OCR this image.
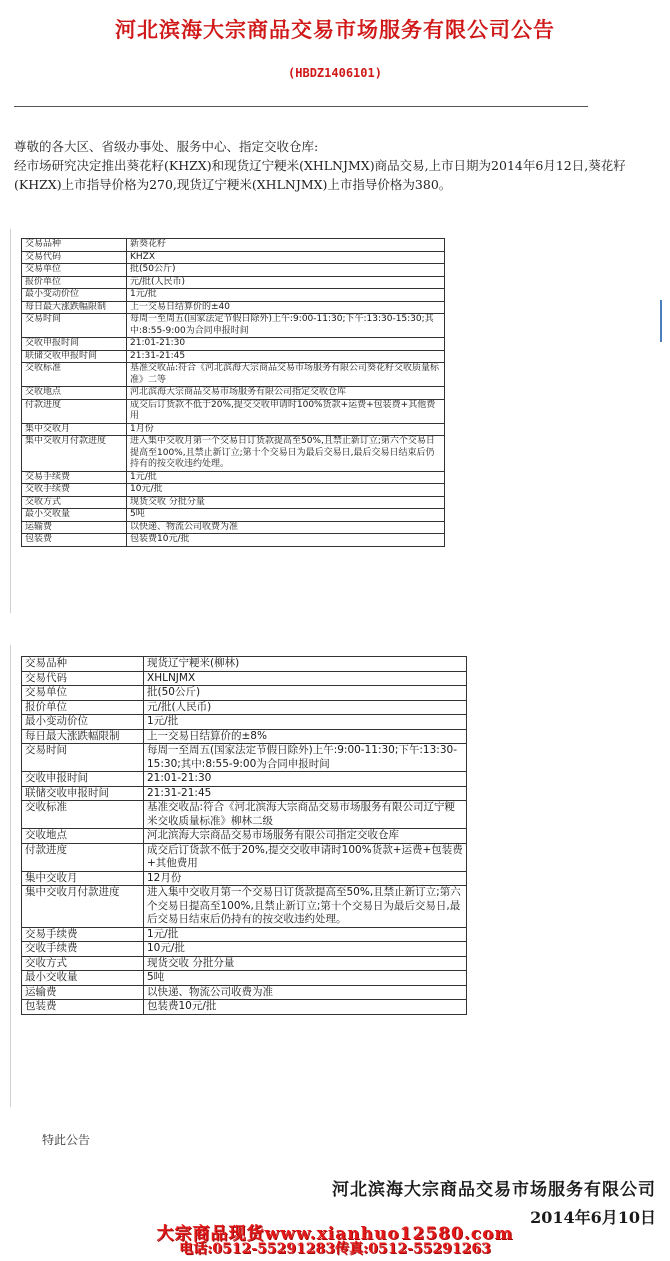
河北滨海大宗商品交易市场服务有限公司公告
(HBDZ1406101)

尊敬的各大区、省级办事处、服务中心、指定交收仓库:

经市场研究决定推出葵花籽(KHZX)和现货辽宁粳米(XHLNJMX)商品交易,上市日期为2014年6月12日,葵花籽(KHZX)上市指导价格为270,现货辽宁粳米(XHLNJMX)上市指导价格为380。

交易品种	新葵花籽
交易代码	KHZX
交易单位	批(50公斤)
报价单位	元/批(人民币)
最小变动价位	1元/批
每日最大涨跌幅限制	上一交易日结算价的±40
交易时间	每周一至周五(国家法定节假日除外)上午:9:00-11:30;下午:13:30-15:30;其中:8:55-9:00为合同申报时间
交收申报时间	21:01-21:30
联储交收申报时间	21:31-21:45
交收标准	基准交收品:符合《河北滨海大宗商品交易市场服务有限公司葵花籽交收质量标准》二等
交收地点	河北滨海大宗商品交易市场服务有限公司指定交收仓库
付款进度	成交后订货款不低于20%,提交交收申请时100%货款+运费+包装费+其他费用
集中交收月	1月份
集中交收月付款进度	进入集中交收月第一个交易日订货款提高至50%,且禁止新订立;第六个交易日提高至100%,且禁止新订立;第十个交易日为最后交易日,最后交易日结束后仍持有的按交收违约处理。
交易手续费	1元/批
交收手续费	10元/批
交收方式	现货交收 分批分量
最小交收量	5吨
运输费	以快递、物流公司收费为准
包装费	包装费10元/批
交易品种	现货辽宁粳米(柳林)
交易代码	XHLNJMX
交易单位	批(50公斤)
报价单位	元/批(人民币)
最小变动价位	1元/批
每日最大涨跌幅限制	上一交易日结算价的±8%
交易时间	每周一至周五(国家法定节假日除外)上午:9:00-11:30;下午:13:30-15:30;其中:8:55-9:00为合同申报时间
交收申报时间	21:01-21:30
联储交收申报时间	21:31-21:45
交收标准	基准交收品:符合《河北滨海大宗商品交易市场服务有限公司辽宁粳米交收质量标准》柳林二级
交收地点	河北滨海大宗商品交易市场服务有限公司指定交收仓库
付款进度	成交后订货款不低于20%,提交交收申请时100%货款+运费+包装费+其他费用
集中交收月	12月份
集中交收月付款进度	进入集中交收月第一个交易日订货款提高至50%,且禁止新订立;第六个交易日提高至100%,且禁止新订立;第十个交易日为最后交易日,最后交易日结束后仍持有的按交收违约处理。
交易手续费	1元/批
交收手续费	10元/批
交收方式	现货交收 分批分量
最小交收量	5吨
运输费	以快递、物流公司收费为准
包装费	包装费10元/批
特此公告
河北滨海大宗商品交易市场服务有限公司
2014年6月10日
大宗商品现货www.xianhuo12580.com
电话:0512-55291283传真:0512-55291263
